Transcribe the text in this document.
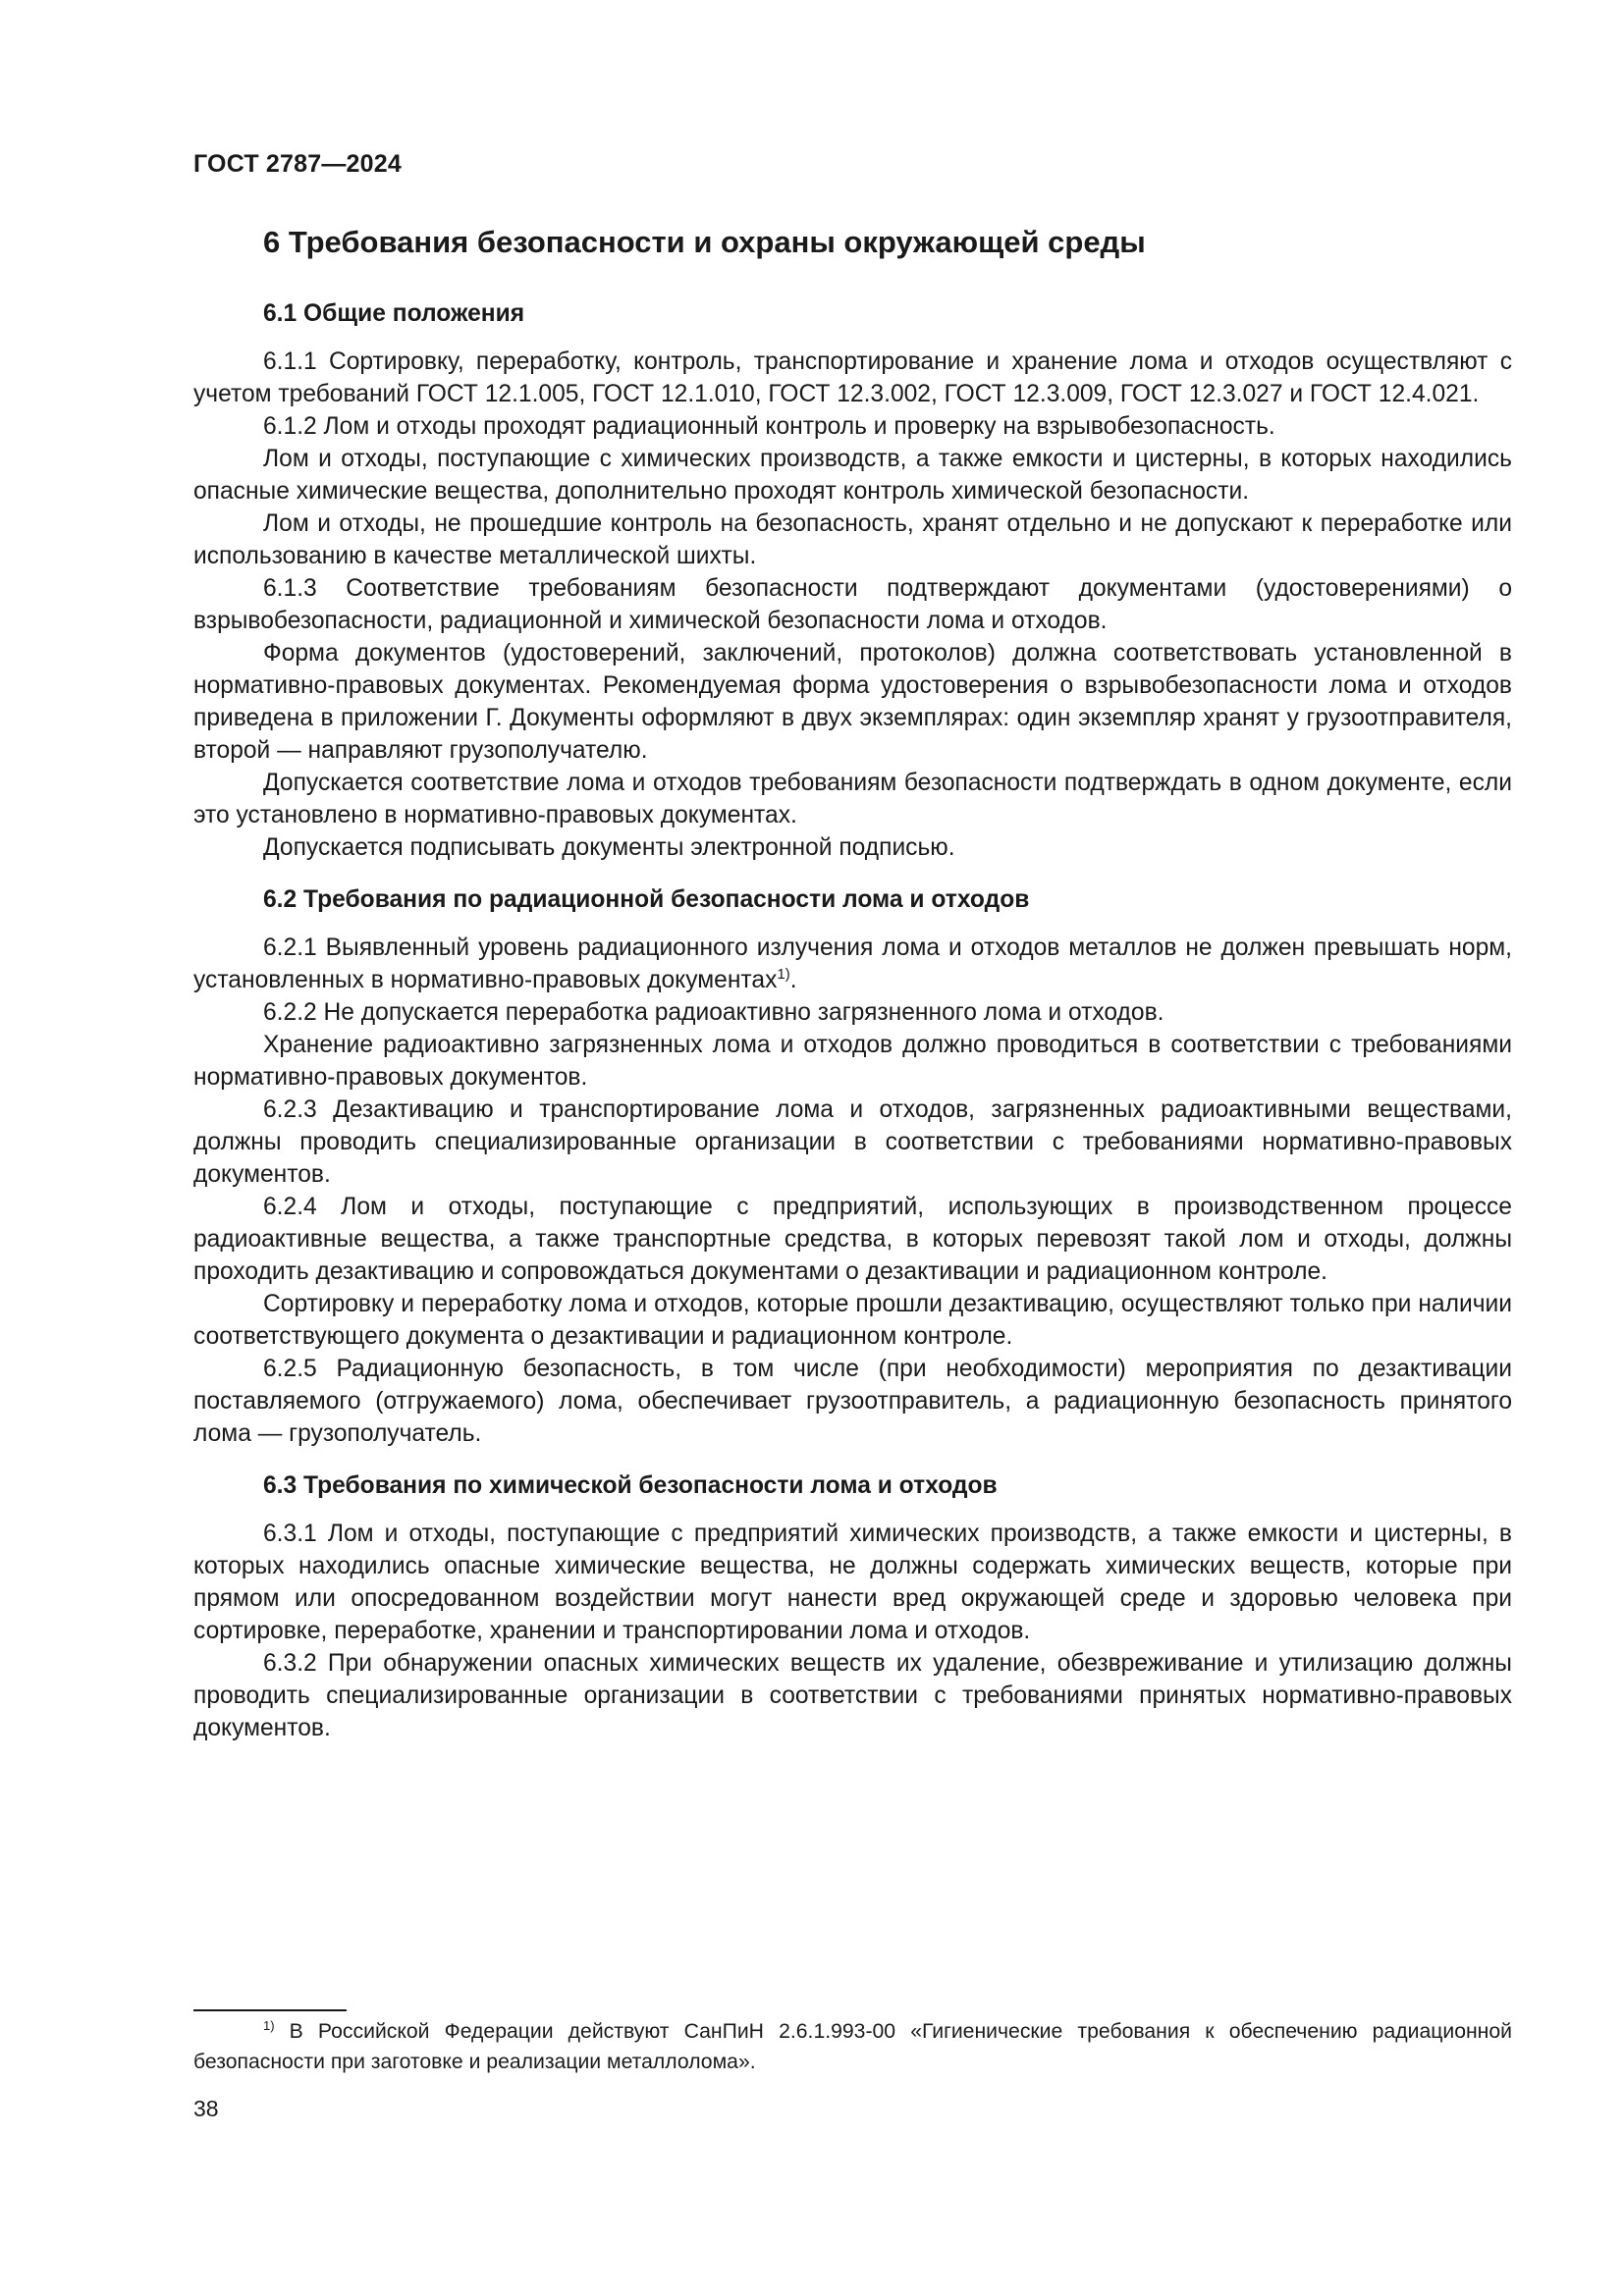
ГОСТ 2787—2024
6 Требования безопасности и охраны окружающей среды
6.1 Общие положения

6.1.1 Сортировку, переработку, контроль, транспортирование и хранение лома и отходов осуществляют с учетом требований ГОСТ 12.1.005, ГОСТ 12.1.010, ГОСТ 12.3.002, ГОСТ 12.3.009, ГОСТ 12.3.027 и ГОСТ 12.4.021.

6.1.2 Лом и отходы проходят радиационный контроль и проверку на взрывобезопасность.

Лом и отходы, поступающие с химических производств, а также емкости и цистерны, в которых находились опасные химические вещества, дополнительно проходят контроль химической безопасности.

Лом и отходы, не прошедшие контроль на безопасность, хранят отдельно и не допускают к переработке или использованию в качестве металлической шихты.

6.1.3 Соответствие требованиям безопасности подтверждают документами (удостоверениями) о взрывобезопасности, радиационной и химической безопасности лома и отходов.

Форма документов (удостоверений, заключений, протоколов) должна соответствовать установленной в нормативно-правовых документах. Рекомендуемая форма удостоверения о взрывобезопасности лома и отходов приведена в приложении Г. Документы оформляют в двух экземплярах: один экземпляр хранят у грузоотправителя, второй — направляют грузополучателю.

Допускается соответствие лома и отходов требованиям безопасности подтверждать в одном документе, если это установлено в нормативно-правовых документах.

Допускается подписывать документы электронной подписью.

6.2 Требования по радиационной безопасности лома и отходов

6.2.1 Выявленный уровень радиационного излучения лома и отходов металлов не должен превышать норм, установленных в нормативно-правовых документах$^{1)}$.

6.2.2 Не допускается переработка радиоактивно загрязненного лома и отходов.

Хранение радиоактивно загрязненных лома и отходов должно проводиться в соответствии с требованиями нормативно-правовых документов.

6.2.3 Дезактивацию и транспортирование лома и отходов, загрязненных радиоактивными веществами, должны проводить специализированные организации в соответствии с требованиями нормативно-правовых документов.

6.2.4 Лом и отходы, поступающие с предприятий, использующих в производственном процессе радиоактивные вещества, а также транспортные средства, в которых перевозят такой лом и отходы, должны проходить дезактивацию и сопровождаться документами о дезактивации и радиационном контроле.

Сортировку и переработку лома и отходов, которые прошли дезактивацию, осуществляют только при наличии соответствующего документа о дезактивации и радиационном контроле.

6.2.5 Радиационную безопасность, в том числе (при необходимости) мероприятия по дезактивации поставляемого (отгружаемого) лома, обеспечивает грузоотправитель, а радиационную безопасность принятого лома — грузополучатель.

6.3 Требования по химической безопасности лома и отходов

6.3.1 Лом и отходы, поступающие с предприятий химических производств, а также емкости и цистерны, в которых находились опасные химические вещества, не должны содержать химических веществ, которые при прямом или опосредованном воздействии могут нанести вред окружающей среде и здоровью человека при сортировке, переработке, хранении и транспортировании лома и отходов.

6.3.2 При обнаружении опасных химических веществ их удаление, обезвреживание и утилизацию должны проводить специализированные организации в соответствии с требованиями принятых нормативно-правовых документов.

$^{1)}$ В Российской Федерации действуют СанПиН 2.6.1.993-00 «Гигиенические требования к обеспечению радиационной безопасности при заготовке и реализации металлолома».
38
